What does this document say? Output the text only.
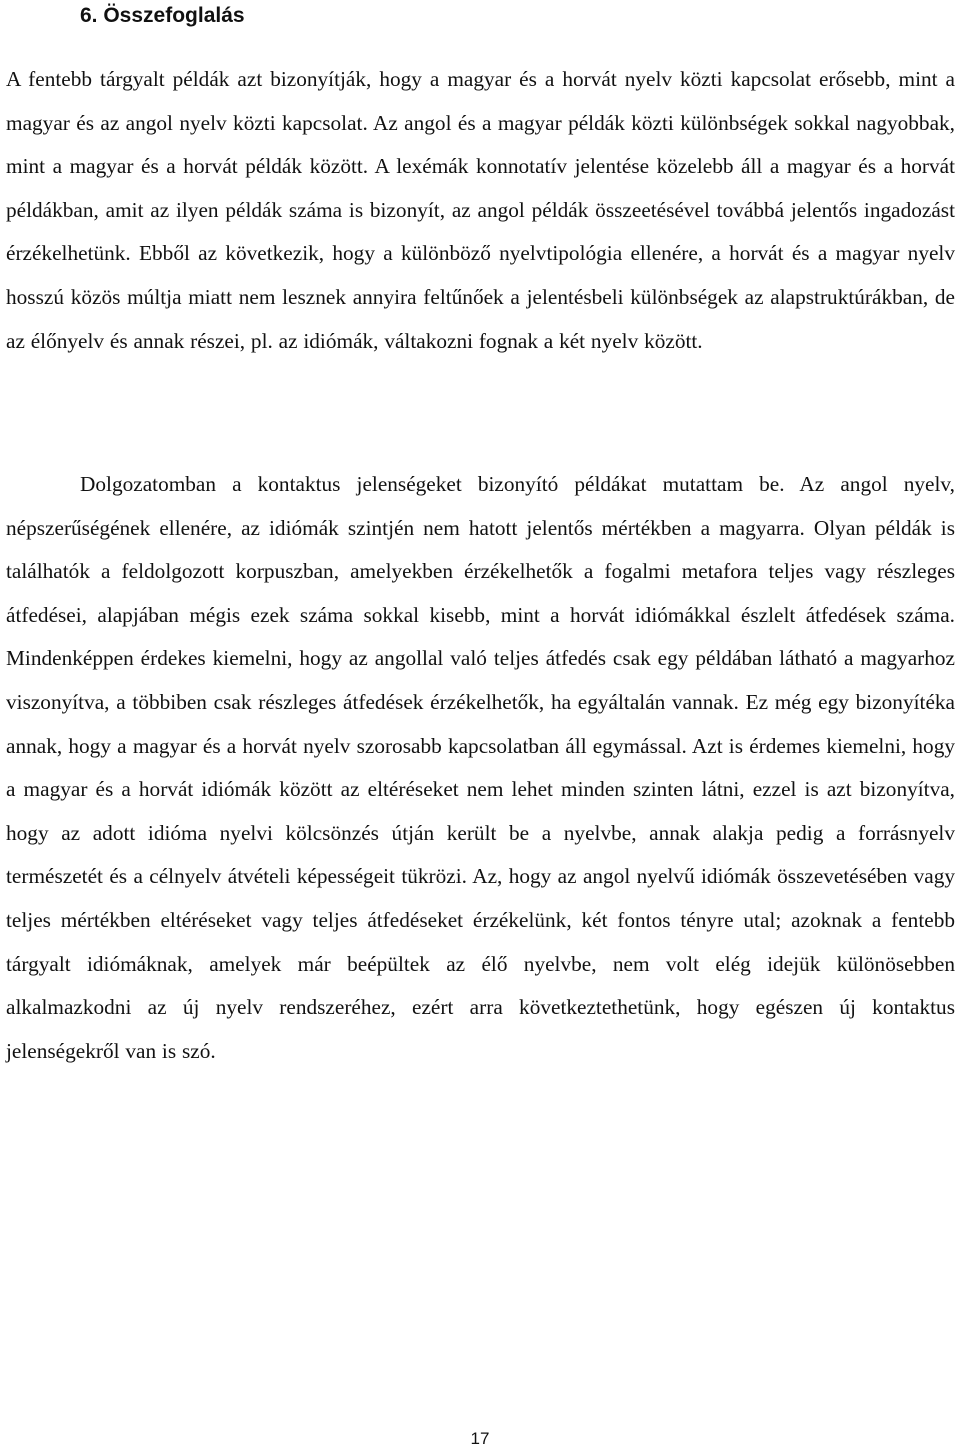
6. Összefoglalás

A fentebb tárgyalt példák azt bizonyítják, hogy a magyar és a horvát nyelv közti kapcsolat erősebb, mint a magyar és az angol nyelv közti kapcsolat. Az angol és a magyar példák közti különbségek sokkal nagyobbak, mint a magyar és a horvát példák között. A lexémák konnotatív jelentése közelebb áll a magyar és a horvát példákban, amit az ilyen példák száma is bizonyít, az angol példák összeetésével továbbá jelentős ingadozást érzékelhetünk. Ebből az következik, hogy a különböző nyelvtipológia ellenére, a horvát és a magyar nyelv hosszú közös múltja miatt nem lesznek annyira feltűnőek a jelentésbeli különbségek az alapstruktúrákban, de az élőnyelv és annak részei, pl. az idiómák, váltakozni fognak a két nyelv között.

Dolgozatomban a kontaktus jelenségeket bizonyító példákat mutattam be. Az angol nyelv, népszerűségének ellenére, az idiómák szintjén nem hatott jelentős mértékben a magyarra. Olyan példák is találhatók a feldolgozott korpuszban, amelyekben érzékelhetők a fogalmi metafora teljes vagy részleges átfedései, alapjában mégis ezek száma sokkal kisebb, mint a horvát idiómákkal észlelt átfedések száma. Mindenképpen érdekes kiemelni, hogy az angollal való teljes átfedés csak egy példában látható a magyarhoz viszonyítva, a többiben csak részleges átfedések érzékelhetők, ha egyáltalán vannak. Ez még egy bizonyítéka annak, hogy a magyar és a horvát nyelv szorosabb kapcsolatban áll egymással. Azt is érdemes kiemelni, hogy a magyar és a horvát idiómák között az eltéréseket nem lehet minden szinten látni, ezzel is azt bizonyítva, hogy az adott idióma nyelvi kölcsönzés útján került be a nyelvbe, annak alakja pedig a forrásnyelv természetét és a célnyelv átvételi képességeit tükrözi. Az, hogy az angol nyelvű idiómák összevetésében vagy teljes mértékben eltéréseket vagy teljes átfedéseket érzékelünk, két fontos tényre utal; azoknak a fentebb tárgyalt idiómáknak, amelyek már beépültek az élő nyelvbe, nem volt elég idejük különösebben alkalmazkodni az új nyelv rendszeréhez, ezért arra következtethetünk, hogy egészen új kontaktus jelenségekről van is szó.

17
